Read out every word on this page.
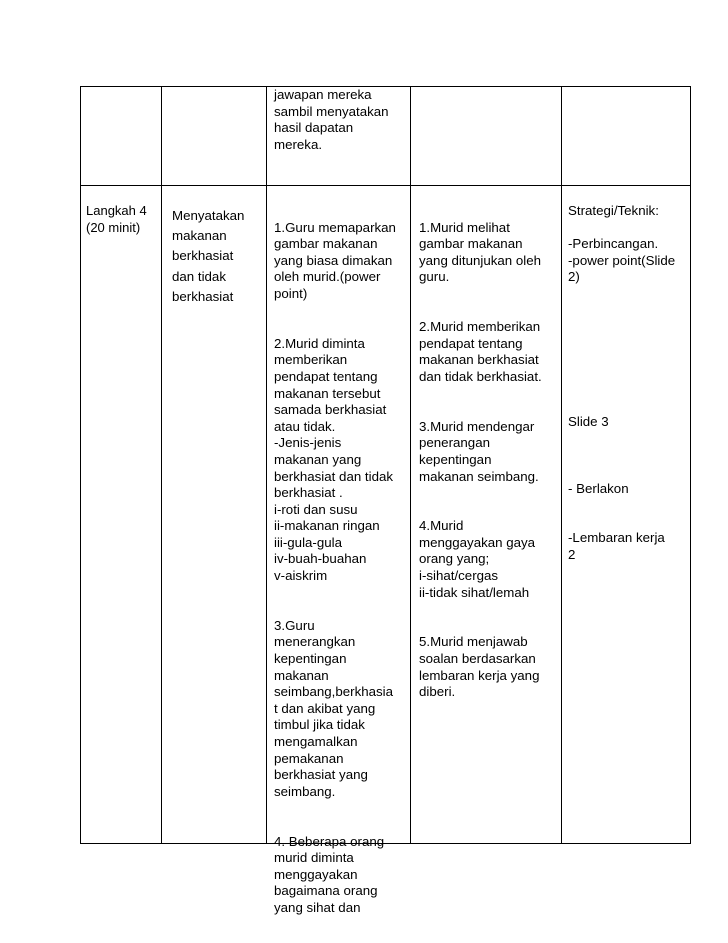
jawapan mereka
sambil menyatakan
hasil dapatan
mereka.
Langkah 4
(20 minit)
Menyatakan
makanan
berkhasiat
dan tidak
berkhasiat

1.Guru memaparkan
gambar makanan
yang biasa dimakan
oleh murid.(power
point)

2.Murid diminta
memberikan
pendapat tentang
makanan tersebut
samada berkhasiat
atau tidak.
-Jenis-jenis
makanan yang
berkhasiat dan tidak
berkhasiat .
i-roti dan susu
ii-makanan ringan
iii-gula-gula
iv-buah-buahan
v-aiskrim

3.Guru
menerangkan
kepentingan
makanan
seimbang,berkhasia
t dan akibat yang
timbul jika tidak
mengamalkan
pemakanan
berkhasiat yang
seimbang.

4. Beberapa orang
murid diminta
menggayakan
bagaimana orang
yang sihat dan

1.Murid melihat
gambar makanan
yang ditunjukan oleh
guru.

2.Murid memberikan
pendapat tentang
makanan berkhasiat
dan tidak berkhasiat.

3.Murid mendengar
penerangan
kepentingan
makanan seimbang.

4.Murid
menggayakan gaya
orang yang;
i-sihat/cergas
ii-tidak sihat/lemah

5.Murid menjawab
soalan berdasarkan
lembaran kerja yang
diberi.

Strategi/Teknik:
-Perbincangan.
-power point(Slide
2)
Slide 3
- Berlakon
-Lembaran kerja
2
